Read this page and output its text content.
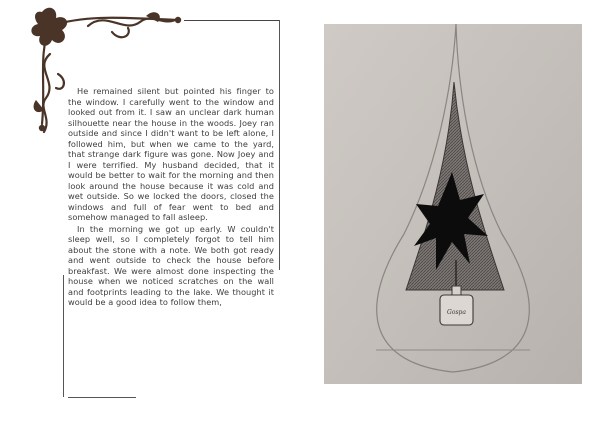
He remained silent but pointed his finger to the window. I carefully went to the window and looked out from it. I saw an unclear dark human silhouette near the house in the woods. Joey ran outside and since I didn't want to be left alone, I followed him, but when we came to the yard, that strange dark figure was gone. Now Joey and I were terrified. My husband decided, that it would be better to wait for the morning and then look around the house because it was cold and wet outside. So we locked the doors, closed the windows and full of fear went to bed and somehow managed to fall asleep.

In the morning we got up early. W couldn't sleep well, so I completely forgot to tell him about the stone with a note. We both got ready and went outside to check the house before breakfast. We were almost done inspecting the house when we noticed scratches on the wall and footprints leading to the lake. We thought it would be a good idea to follow them,

Gospa
